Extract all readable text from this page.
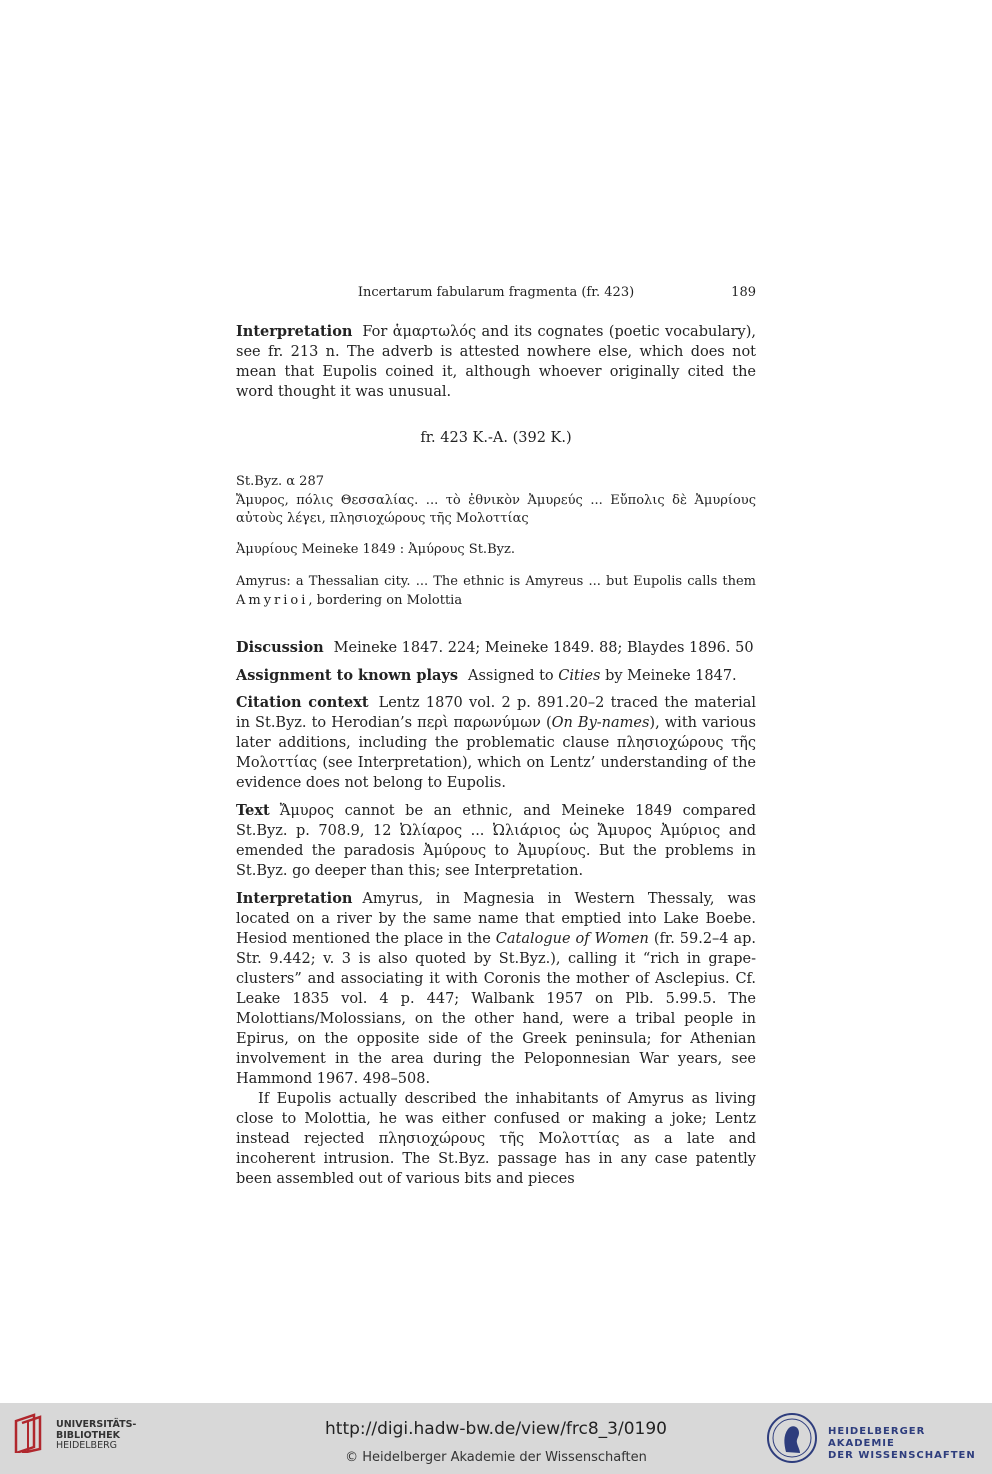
Incertarum fabularum fragmenta (fr. 423)	189

Interpretation For ἁμαρτωλός and its cognates (poetic vocabulary), see fr. 213 n. The adverb is attested nowhere else, which does not mean that Eupolis coined it, although whoever originally cited the word thought it was unusual.

fr. 423 K.-A. (392 K.)

St.Byz. α 287

Ἄμυρος, πόλις Θεσσαλίας. ... τὸ ἐθνικὸν Ἀμυρεύς ... Εὔπολις δὲ Ἀμυρίους αὐτοὺς λέγει, πλησιοχώρους τῆς Μολοττίας

Ἀμυρίους Meineke 1849 : Ἀμύρους St.Byz.

Amyrus: a Thessalian city. ... The ethnic is Amyreus ... but Eupolis calls them Amyrioi, bordering on Molottia

Discussion Meineke 1847. 224; Meineke 1849. 88; Blaydes 1896. 50

Assignment to known plays Assigned to Cities by Meineke 1847.

Citation context Lentz 1870 vol. 2 p. 891.20–2 traced the material in St.Byz. to Herodian’s περὶ παρωνύμων (On By-names), with various later additions, including the problematic clause πλησιοχώρους τῆς Μολοττίας (see Interpretation), which on Lentz’ understanding of the evidence does not belong to Eupolis.

Text Ἄμυρος cannot be an ethnic, and Meineke 1849 compared St.Byz. p. 708.9, 12 Ὠλίαρος ... Ὠλιάριος ὡς Ἄμυρος Ἀμύριος and emended the paradosis Ἀμύρους to Ἀμυρίους. But the problems in St.Byz. go deeper than this; see Interpretation.

Interpretation Amyrus, in Magnesia in Western Thessaly, was located on a river by the same name that emptied into Lake Boebe. Hesiod mentioned the place in the Catalogue of Women (fr. 59.2–4 ap. Str. 9.442; v. 3 is also quoted by St.Byz.), calling it “rich in grape-clusters” and associating it with Coronis the mother of Asclepius. Cf. Leake 1835 vol. 4 p. 447; Walbank 1957 on Plb. 5.99.5. The Molottians/Molossians, on the other hand, were a tribal people in Epirus, on the opposite side of the Greek peninsula; for Athenian involvement in the area during the Peloponnesian War years, see Hammond 1967. 498–508.

If Eupolis actually described the inhabitants of Amyrus as living close to Molottia, he was either confused or making a joke; Lentz instead rejected πλησιοχώρους τῆς Μολοττίας as a late and incoherent intrusion. The St.Byz. passage has in any case patently been assembled out of various bits and pieces

UNIVERSITÄTS-
BIBLIOTHEK
HEIDELBERG
http://digi.hadw-bw.de/view/frc8_3/0190
© Heidelberger Akademie der Wissenschaften
HEIDELBERGER AKADEMIE
DER WISSENSCHAFTEN
